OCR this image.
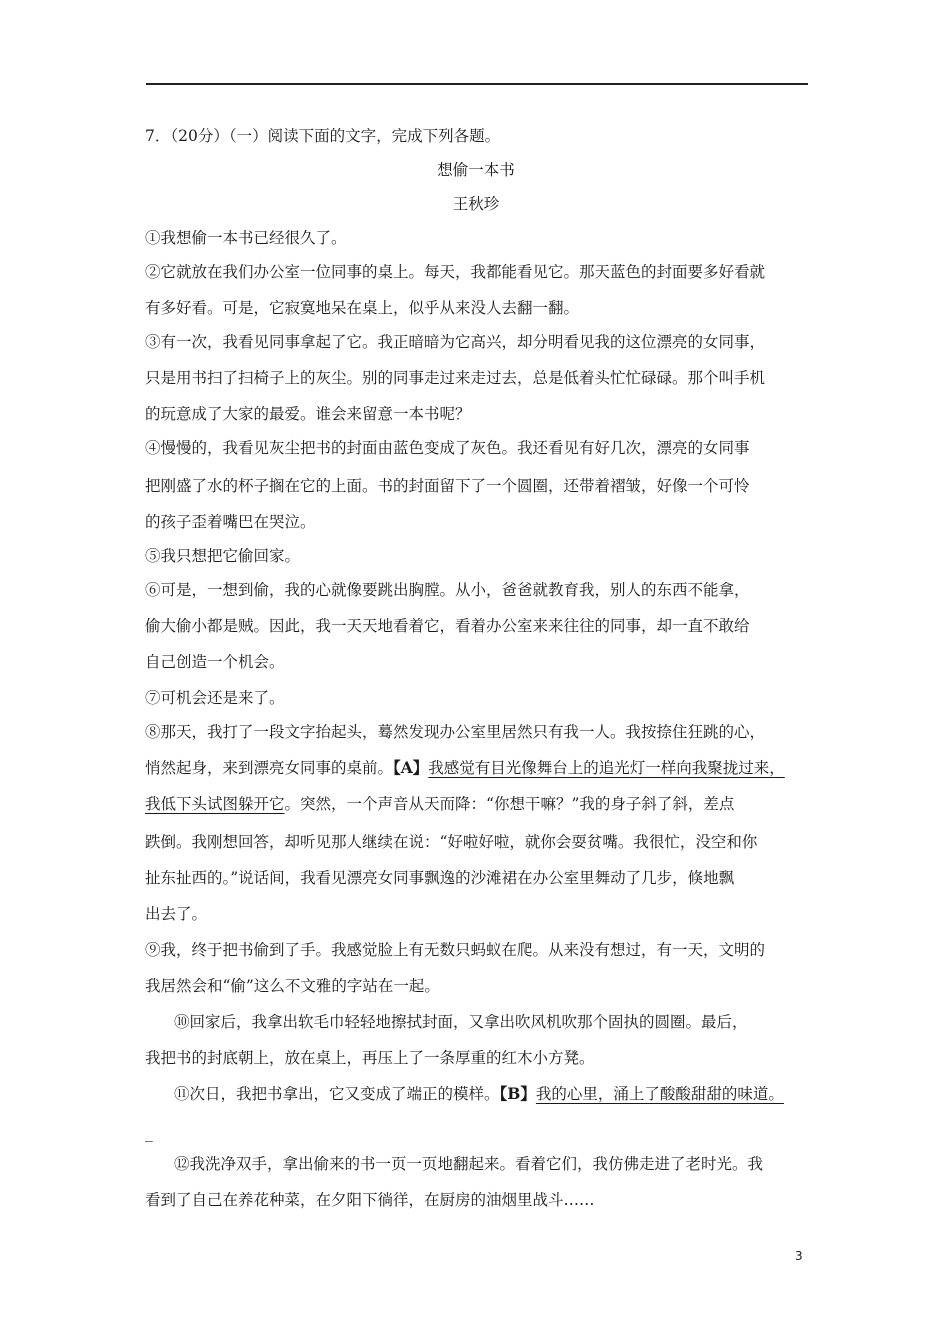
7．（20分）（一）阅读下面的文字，完成下列各题。
想偷一本书
王秋珍
①我想偷一本书已经很久了。
②它就放在我们办公室一位同事的桌上。每天，我都能看见它。那天蓝色的封面要多好看就
有多好看。可是，它寂寞地呆在桌上，似乎从来没人去翻一翻。
③有一次，我看见同事拿起了它。我正暗暗为它高兴，却分明看见我的这位漂亮的女同事，
只是用书扫了扫椅子上的灰尘。别的同事走过来走过去，总是低着头忙忙碌碌。那个叫手机
的玩意成了大家的最爱。谁会来留意一本书呢？
④慢慢的，我看见灰尘把书的封面由蓝色变成了灰色。我还看见有好几次，漂亮的女同事
把刚盛了水的杯子搁在它的上面。书的封面留下了一个圆圈，还带着褶皱，好像一个可怜
的孩子歪着嘴巴在哭泣。
⑤我只想把它偷回家。
⑥可是，一想到偷，我的心就像要跳出胸膛。从小，爸爸就教育我，别人的东西不能拿，
偷大偷小都是贼。因此，我一天天地看着它，看着办公室来来往往的同事，却一直不敢给
自己创造一个机会。
⑦可机会还是来了。
⑧那天，我打了一段文字抬起头，蓦然发现办公室里居然只有我一人。我按捺住狂跳的心，
悄然起身，来到漂亮女同事的桌前。【A】我感觉有目光像舞台上的追光灯一样向我聚拢过来，
我低下头试图躲开它。突然，一个声音从天而降：“你想干嘛？”我的身子斜了斜，差点
跌倒。我刚想回答，却听见那人继续在说：“好啦好啦，就你会耍贫嘴。我很忙，没空和你
扯东扯西的。”说话间，我看见漂亮女同事飘逸的沙滩裙在办公室里舞动了几步，倏地飘
出去了。
⑨我，终于把书偷到了手。我感觉脸上有无数只蚂蚁在爬。从来没有想过，有一天，文明的
我居然会和“偷”这么不文雅的字站在一起。
⑩回家后，我拿出软毛巾轻轻地擦拭封面，又拿出吹风机吹那个固执的圆圈。最后，
我把书的封底朝上，放在桌上，再压上了一条厚重的红木小方凳。
⑪次日，我把书拿出，它又变成了端正的模样。【B】我的心里，涌上了酸酸甜甜的味道。
_
⑫我洗净双手，拿出偷来的书一页一页地翻起来。看着它们，我仿佛走进了老时光。我
看到了自己在养花种菜，在夕阳下徜徉，在厨房的油烟里战斗……
3
